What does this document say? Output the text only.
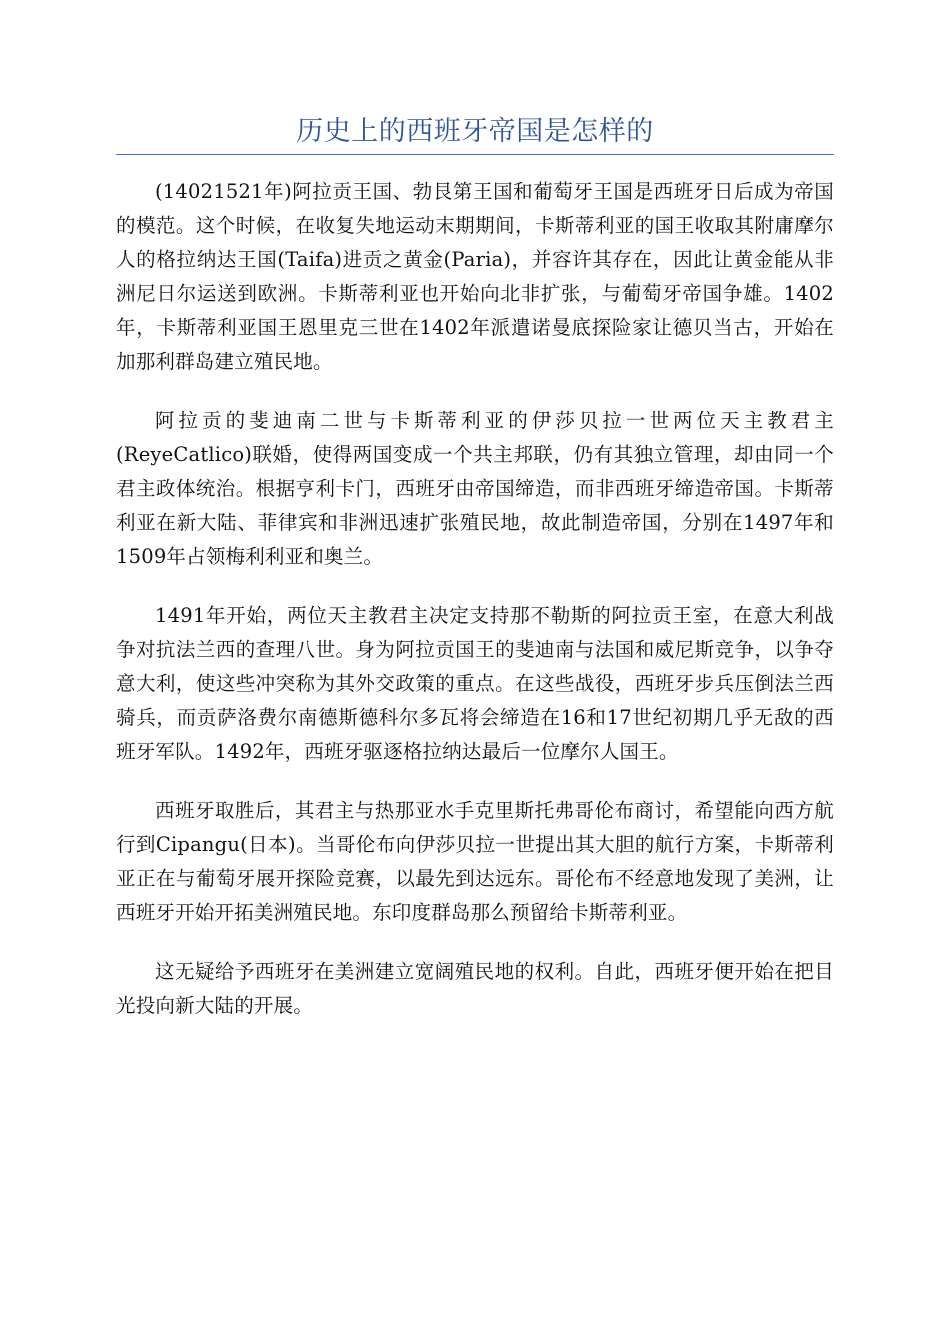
历史上的西班牙帝国是怎样的

(14021521年)阿拉贡王国、勃艮第王国和葡萄牙王国是西班牙日后成为帝国的模范。这个时候，在收复失地运动末期期间，卡斯蒂利亚的国王收取其附庸摩尔人的格拉纳达王国(Taifa)进贡之黄金(Paria)，并容许其存在，因此让黄金能从非洲尼日尔运送到欧洲。卡斯蒂利亚也开始向北非扩张，与葡萄牙帝国争雄。1402年，卡斯蒂利亚国王恩里克三世在1402年派遣诺曼底探险家让德贝当古，开始在加那利群岛建立殖民地。

阿拉贡的斐迪南二世与卡斯蒂利亚的伊莎贝拉一世两位天主教君主(ReyeCatlico)联婚，使得两国变成一个共主邦联，仍有其独立管理，却由同一个君主政体统治。根据亨利卡门，西班牙由帝国缔造，而非西班牙缔造帝国。卡斯蒂利亚在新大陆、菲律宾和非洲迅速扩张殖民地，故此制造帝国，分别在1497年和1509年占领梅利利亚和奥兰。

1491年开始，两位天主教君主决定支持那不勒斯的阿拉贡王室，在意大利战争对抗法兰西的查理八世。身为阿拉贡国王的斐迪南与法国和威尼斯竞争，以争夺意大利，使这些冲突称为其外交政策的重点。在这些战役，西班牙步兵压倒法兰西骑兵，而贡萨洛费尔南德斯德科尔多瓦将会缔造在16和17世纪初期几乎无敌的西班牙军队。1492年，西班牙驱逐格拉纳达最后一位摩尔人国王。

西班牙取胜后，其君主与热那亚水手克里斯托弗哥伦布商讨，希望能向西方航行到Cipangu(日本)。当哥伦布向伊莎贝拉一世提出其大胆的航行方案，卡斯蒂利亚正在与葡萄牙展开探险竞赛，以最先到达远东。哥伦布不经意地发现了美洲，让西班牙开始开拓美洲殖民地。东印度群岛那么预留给卡斯蒂利亚。

这无疑给予西班牙在美洲建立宽阔殖民地的权利。自此，西班牙便开始在把目光投向新大陆的开展。
